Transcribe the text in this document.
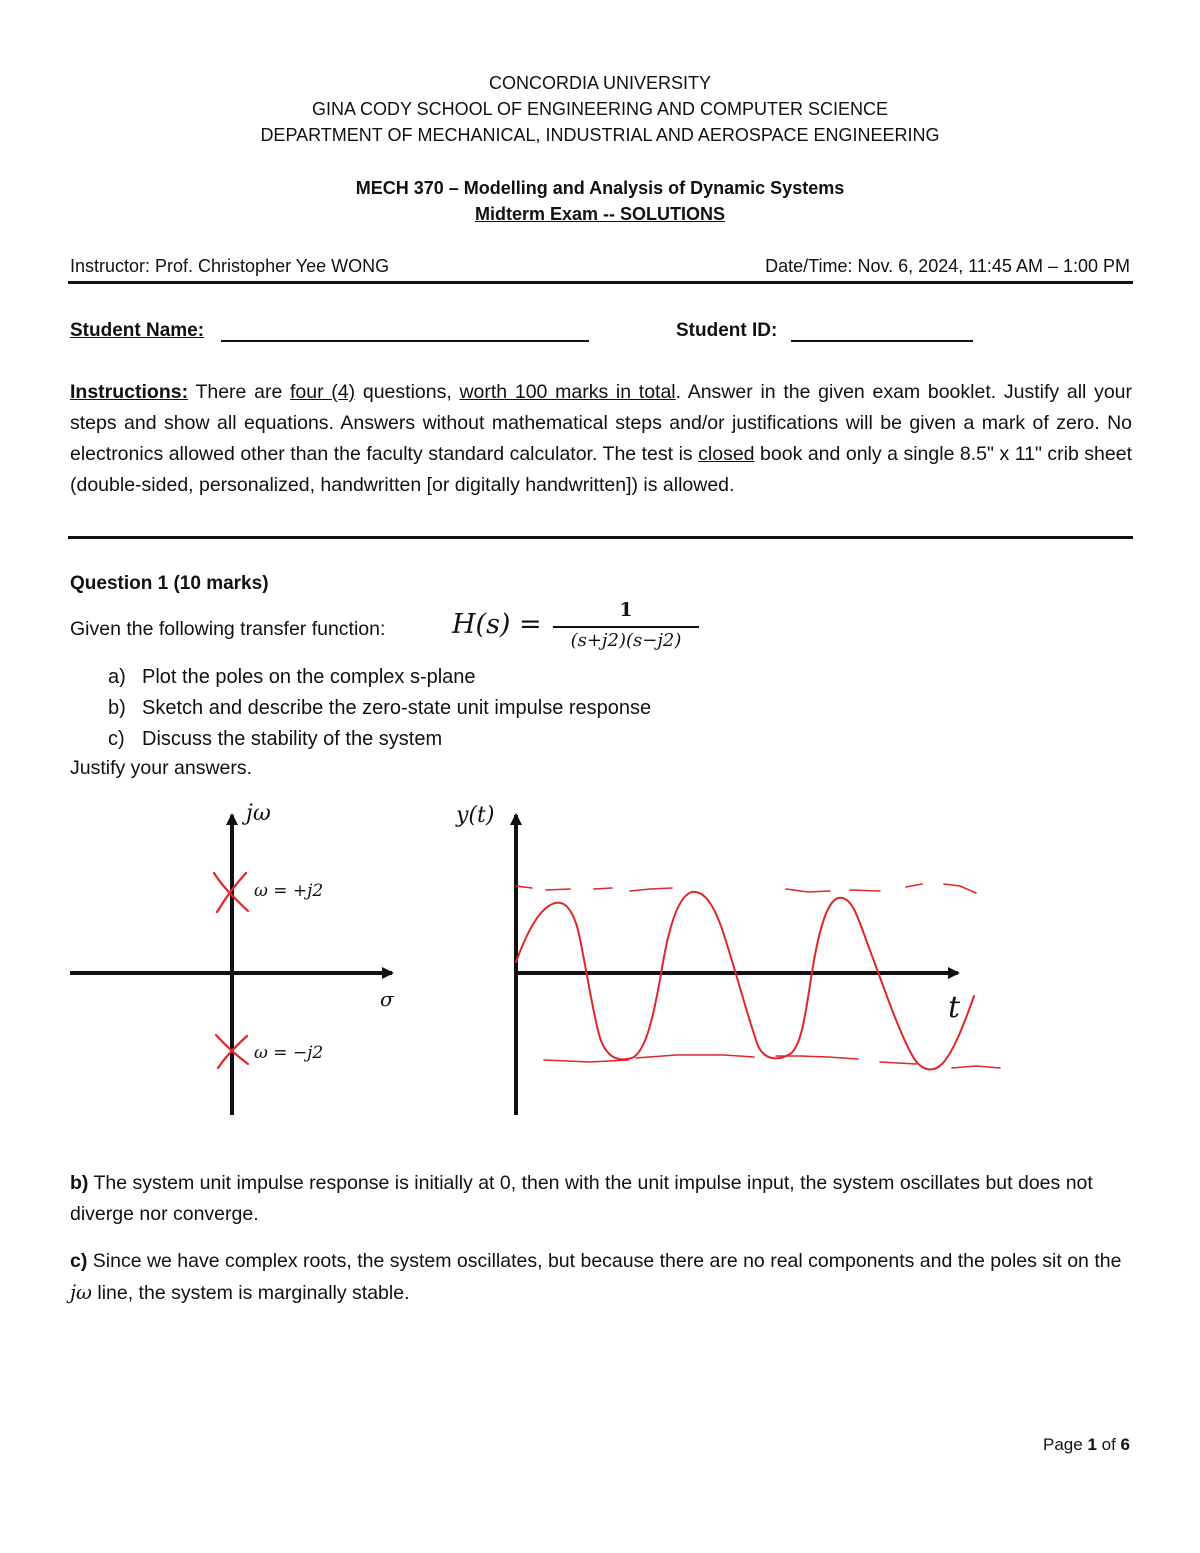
CONCORDIA UNIVERSITY
GINA CODY SCHOOL OF ENGINEERING AND COMPUTER SCIENCE
DEPARTMENT OF MECHANICAL, INDUSTRIAL AND AEROSPACE ENGINEERING
MECH 370 – Modelling and Analysis of Dynamic Systems
Midterm Exam -- SOLUTIONS
Instructor: Prof. Christopher Yee WONG	Date/Time: Nov. 6, 2024, 11:45 AM – 1:00 PM
Student Name:	Student ID:
Instructions: There are four (4) questions, worth 100 marks in total. Answer in the given exam booklet. Justify all your steps and show all equations. Answers without mathematical steps and/or justifications will be given a mark of zero. No electronics allowed other than the faculty standard calculator. The test is closed book and only a single 8.5" x 11" crib sheet (double-sided, personalized, handwritten [or digitally handwritten]) is allowed.
Question 1 (10 marks)
Given the following transfer function: H(s) =	1
(s+j2)(s−j2)
a) Plot the poles on the complex s-plane
b) Sketch and describe the zero-state unit impulse response
c) Discuss the stability of the system
Justify your answers.
jω
σ
ω = +j2
ω = −j2
y(t)
t
b) The system unit impulse response is initially at 0, then with the unit impulse input, the system oscillates but does not diverge nor converge.
c) Since we have complex roots, the system oscillates, but because there are no real components and the poles sit on the jω line, the system is marginally stable.
Page 1 of 6
